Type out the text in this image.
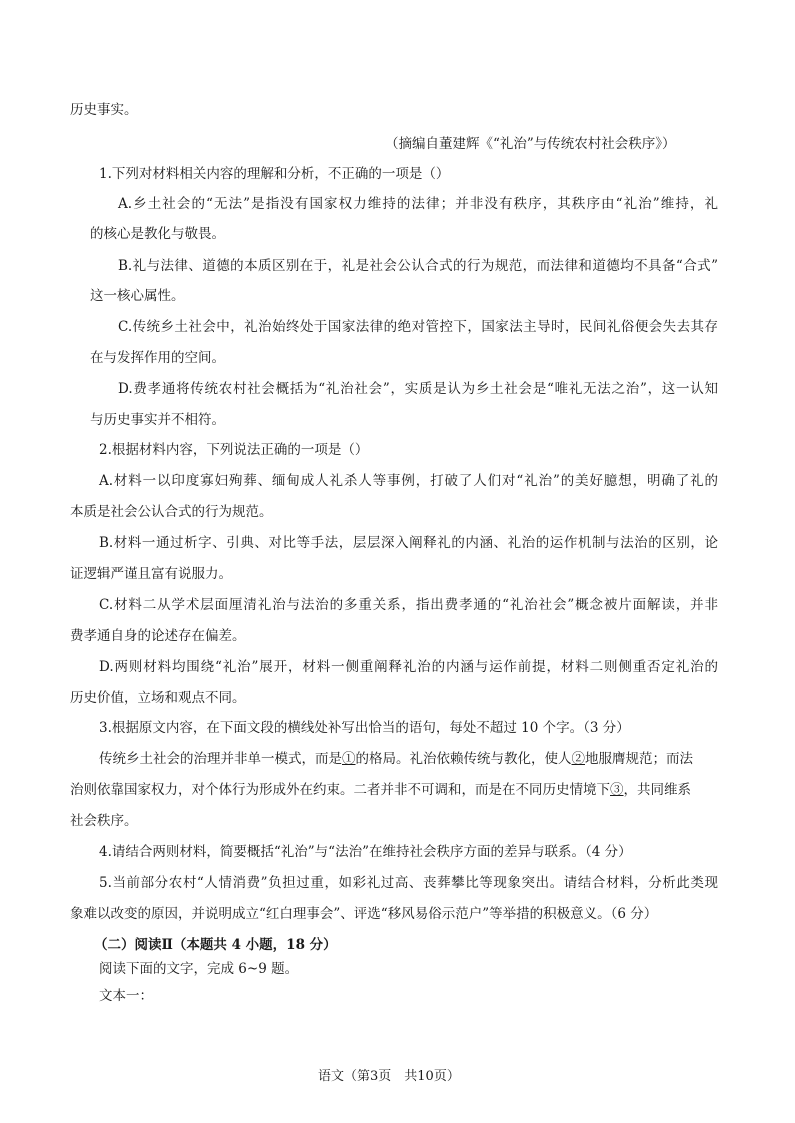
历史事实。
（摘编自董建辉《“礼治”与传统农村社会秩序》）
1.下列对材料相关内容的理解和分析，不正确的一项是（）
A.乡土社会的“无法”是指没有国家权力维持的法律；并非没有秩序，其秩序由“礼治”维持，礼
的核心是教化与敬畏。
B.礼与法律、道德的本质区别在于，礼是社会公认合式的行为规范，而法律和道德均不具备“合式”
这一核心属性。
C.传统乡土社会中，礼治始终处于国家法律的绝对管控下，国家法主导时，民间礼俗便会失去其存
在与发挥作用的空间。
D.费孝通将传统农村社会概括为“礼治社会”，实质是认为乡土社会是“唯礼无法之治”，这一认知
与历史事实并不相符。
2.根据材料内容，下列说法正确的一项是（）
A.材料一以印度寡妇殉葬、缅甸成人礼杀人等事例，打破了人们对“礼治”的美好臆想，明确了礼的
本质是社会公认合式的行为规范。
B.材料一通过析字、引典、对比等手法，层层深入阐释礼的内涵、礼治的运作机制与法治的区别，论
证逻辑严谨且富有说服力。
C.材料二从学术层面厘清礼治与法治的多重关系，指出费孝通的“礼治社会”概念被片面解读，并非
费孝通自身的论述存在偏差。
D.两则材料均围绕“礼治”展开，材料一侧重阐释礼治的内涵与运作前提，材料二则侧重否定礼治的
历史价值，立场和观点不同。
3.根据原文内容，在下面文段的横线处补写出恰当的语句，每处不超过 10 个字。（3 分）
传统乡土社会的治理并非单一模式，而是①的格局。礼治依赖传统与教化，使人②地服膺规范；而法
治则依靠国家权力，对个体行为形成外在约束。二者并非不可调和，而是在不同历史情境下③，共同维系
社会秩序。
4.请结合两则材料，简要概括“礼治”与“法治”在维持社会秩序方面的差异与联系。（4 分）
5.当前部分农村“人情消费”负担过重，如彩礼过高、丧葬攀比等现象突出。请结合材料，分析此类现
象难以改变的原因，并说明成立“红白理事会”、评选“移风易俗示范户”等举措的积极意义。（6 分）
（二）阅读Ⅱ（本题共 4 小题，18 分）
阅读下面的文字，完成 6~9 题。
文本一：
语文（第3页　共10页）
